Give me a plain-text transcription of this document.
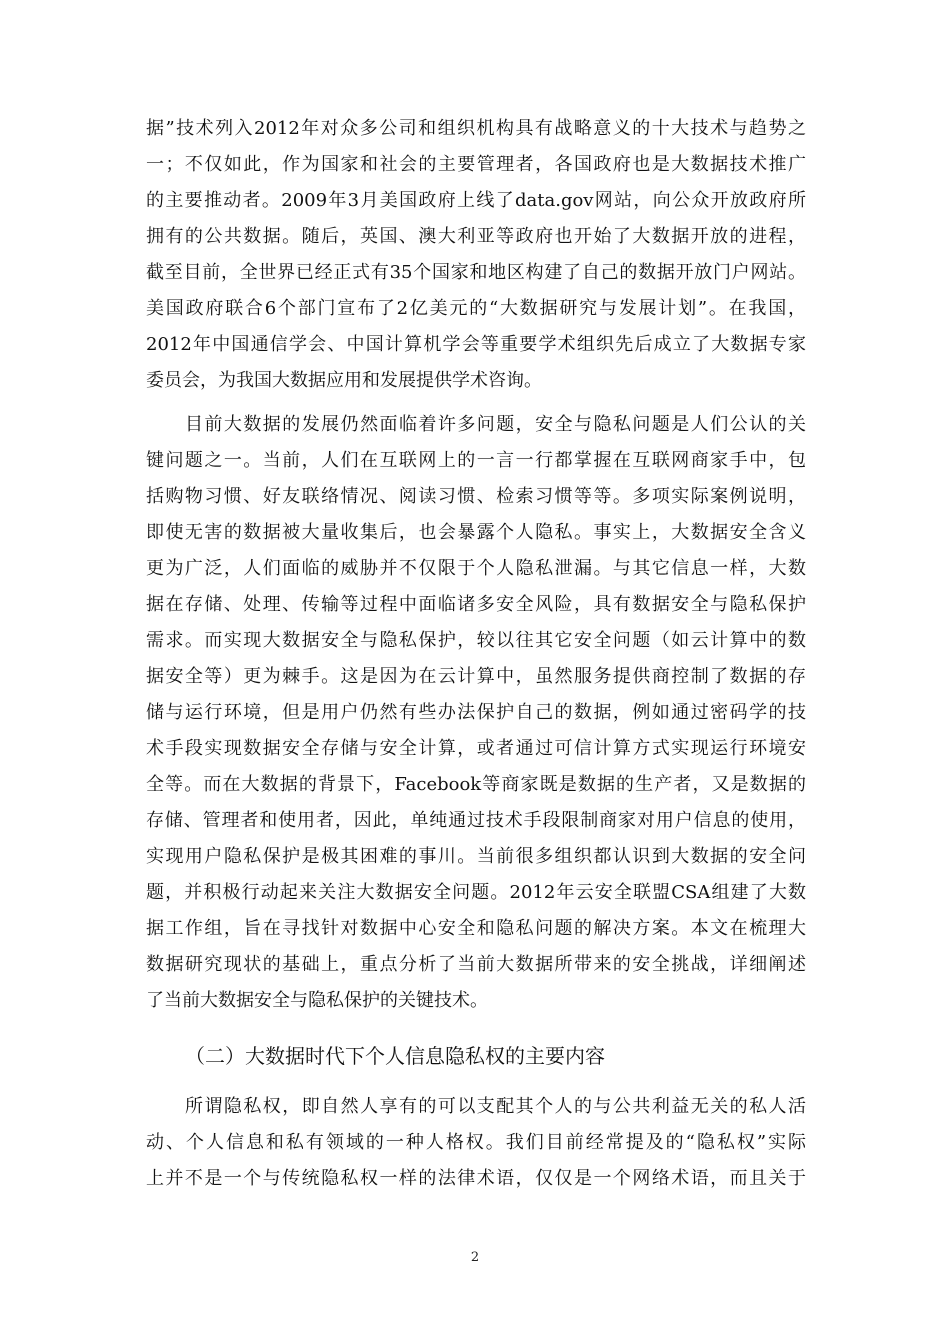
据”技术列入2012年对众多公司和组织机构具有战略意义的十大技术与趋势之
一；不仅如此，作为国家和社会的主要管理者，各国政府也是大数据技术推广
的主要推动者。2009年3月美国政府上线了data.gov网站，向公众开放政府所
拥有的公共数据。随后，英国、澳大利亚等政府也开始了大数据开放的进程，
截至目前，全世界已经正式有35个国家和地区构建了自己的数据开放门户网站。
美国政府联合6个部门宣布了2亿美元的“大数据研究与发展计划”。在我国，
2012年中国通信学会、中国计算机学会等重要学术组织先后成立了大数据专家
委员会，为我国大数据应用和发展提供学术咨询。
目前大数据的发展仍然面临着许多问题，安全与隐私问题是人们公认的关
键问题之一。当前，人们在互联网上的一言一行都掌握在互联网商家手中，包
括购物习惯、好友联络情况、阅读习惯、检索习惯等等。多项实际案例说明，
即使无害的数据被大量收集后，也会暴露个人隐私。事实上，大数据安全含义
更为广泛，人们面临的威胁并不仅限于个人隐私泄漏。与其它信息一样，大数
据在存储、处理、传输等过程中面临诸多安全风险，具有数据安全与隐私保护
需求。而实现大数据安全与隐私保护，较以往其它安全问题（如云计算中的数
据安全等）更为棘手。这是因为在云计算中，虽然服务提供商控制了数据的存
储与运行环境，但是用户仍然有些办法保护自己的数据，例如通过密码学的技
术手段实现数据安全存储与安全计算，或者通过可信计算方式实现运行环境安
全等。而在大数据的背景下，Facebook等商家既是数据的生产者，又是数据的
存储、管理者和使用者，因此，单纯通过技术手段限制商家对用户信息的使用，
实现用户隐私保护是极其困难的事川。当前很多组织都认识到大数据的安全问
题，并积极行动起来关注大数据安全问题。2012年云安全联盟CSA组建了大数
据工作组，旨在寻找针对数据中心安全和隐私问题的解决方案。本文在梳理大
数据研究现状的基础上，重点分析了当前大数据所带来的安全挑战，详细阐述
了当前大数据安全与隐私保护的关键技术。
（二）大数据时代下个人信息隐私权的主要内容
所谓隐私权，即自然人享有的可以支配其个人的与公共利益无关的私人活
动、个人信息和私有领域的一种人格权。我们目前经常提及的“隐私权”实际
上并不是一个与传统隐私权一样的法律术语，仅仅是一个网络术语，而且关于
2
